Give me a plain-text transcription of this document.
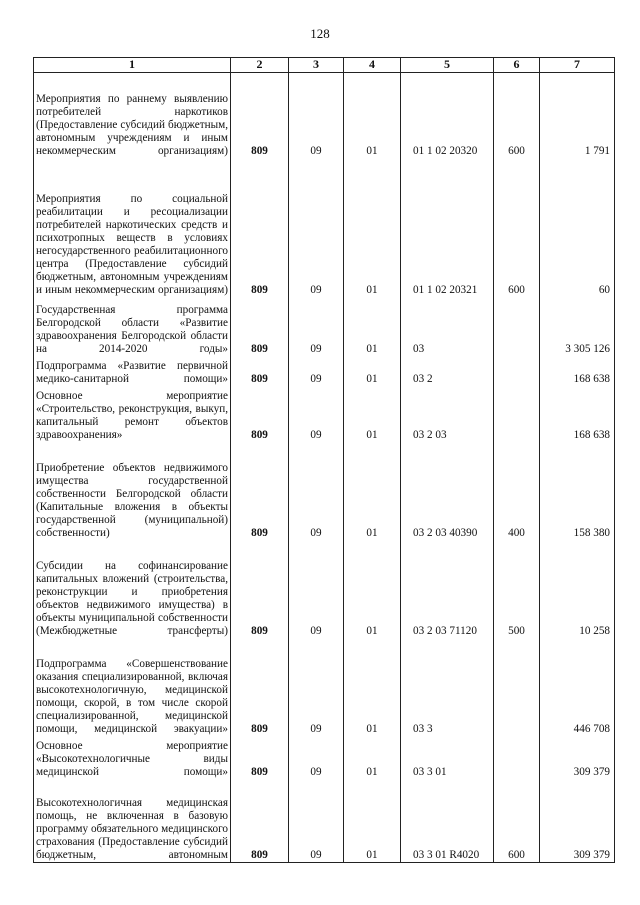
128
1	2	3	4	5	6	7
Мероприятия по раннему выявлению потребителей наркотиков (Предоставление субсидий бюджетным, автономным учреждениям и иным некоммерческим организациям)	809	09	01	01 1 02 20320	600	1 791
Мероприятия по социальной реабилитации и ресоциализации потребителей наркотических средств и психотропных веществ в условиях негосударственного реабилитационного центра (Предоставление субсидий бюджетным, автономным учреждениям и иным некоммерческим организациям)	809	09	01	01 1 02 20321	600	60
Государственная программа Белгородской области «Развитие здравоохранения Белгородской области на 2014-2020 годы»	809	09	01	03		3 305 126
Подпрограмма «Развитие первичной медико-санитарной помощи»	809	09	01	03 2		168 638
Основное мероприятие «Строительство, реконструкция, выкуп, капитальный ремонт объектов здравоохранения»	809	09	01	03 2 03		168 638
Приобретение объектов недвижимого имущества государственной собственности Белгородской области (Капитальные вложения в объекты государственной (муниципальной) собственности)	809	09	01	03 2 03 40390	400	158 380
Субсидии на софинансирование капитальных вложений (строительства, реконструкции и приобретения объектов недвижимого имущества) в объекты муниципальной собственности (Межбюджетные трансферты)	809	09	01	03 2 03 71120	500	10 258
Подпрограмма «Совершенствование оказания специализированной, включая высокотехнологичную, медицинской помощи, скорой, в том числе скорой специализированной, медицинской помощи, медицинской эвакуации»	809	09	01	03 3		446 708
Основное мероприятие «Высокотехнологичные виды медицинской помощи»	809	09	01	03 3 01		309 379
Высокотехнологичная медицинская помощь, не включенная в базовую программу обязательного медицинского страхования (Предоставление субсидий бюджетным, автономным	809	09	01	03 3 01 R4020	600	309 379
